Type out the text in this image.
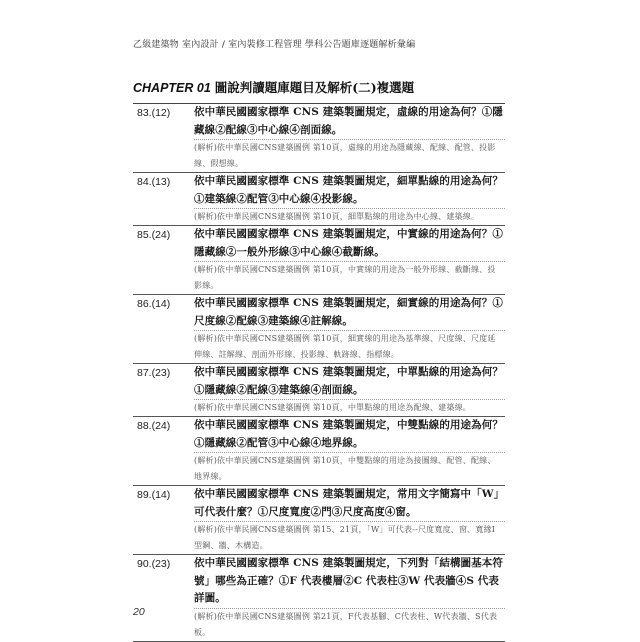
乙級建築物 室內設計 / 室內裝修工程管理 學科公告題庫逐題解析彙編
CHAPTER 01 圖說判讀題庫題目及解析(二)複選題
83.(12)	依中華民國國家標準 CNS 建築製圖規定，虛線的用途為何？①隱藏線②配線③中心線④剖面線。
(解析)依中華民國CNS建築圖例 第10頁，虛線的用途為隱藏線、配線、配管、投影線、假想線。
84.(13)	依中華民國國家標準 CNS 建築製圖規定，細單點線的用途為何？①建築線②配管③中心線④投影線。
(解析)依中華民國CNS建築圖例 第10頁，細單點線的用途為中心線、建築線。
85.(24)	依中華民國國家標準 CNS 建築製圖規定，中實線的用途為何？①隱藏線②一般外形線③中心線④截斷線。
(解析)依中華民國CNS建築圖例 第10頁，中實線的用途為一般外形線、截斷線、投影線。
86.(14)	依中華民國國家標準 CNS 建築製圖規定，細實線的用途為何？①尺度線②配線③建築線④註解線。
(解析)依中華民國CNS建築圖例 第10頁，細實線的用途為基準線、尺度線、尺度延伸線、註解線、剖面外形線、投影線、軌跡線、指標線。
87.(23)	依中華民國國家標準 CNS 建築製圖規定，中單點線的用途為何？①隱藏線②配線③建築線④剖面線。
(解析)依中華民國CNS建築圖例 第10頁，中單點線的用途為配線、建築線。
88.(24)	依中華民國國家標準 CNS 建築製圖規定，中雙點線的用途為何？①隱藏線②配管③中心線④地界線。
(解析)依中華民國CNS建築圖例 第10頁，中雙點線的用途為接圖線、配管、配線、地界線。
89.(14)	依中華民國國家標準 CNS 建築製圖規定，常用文字簡寫中「W」可代表什麼？①尺度寬度②門③尺度高度④窗。
(解析)依中華民國CNS建築圖例 第15、21頁，「W」可代表--尺度寬度、窗、寬緣I型鋼、牆、木構造。
90.(23)	依中華民國國家標準 CNS 建築製圖規定，下列對「結構圖基本符號」哪些為正確？①F 代表樓層②C 代表柱③W 代表牆④S 代表詳圖。
(解析)依中華民國CNS建築圖例 第21頁，F代表基腳、C代表柱、W代表牆、S代表板。
20
